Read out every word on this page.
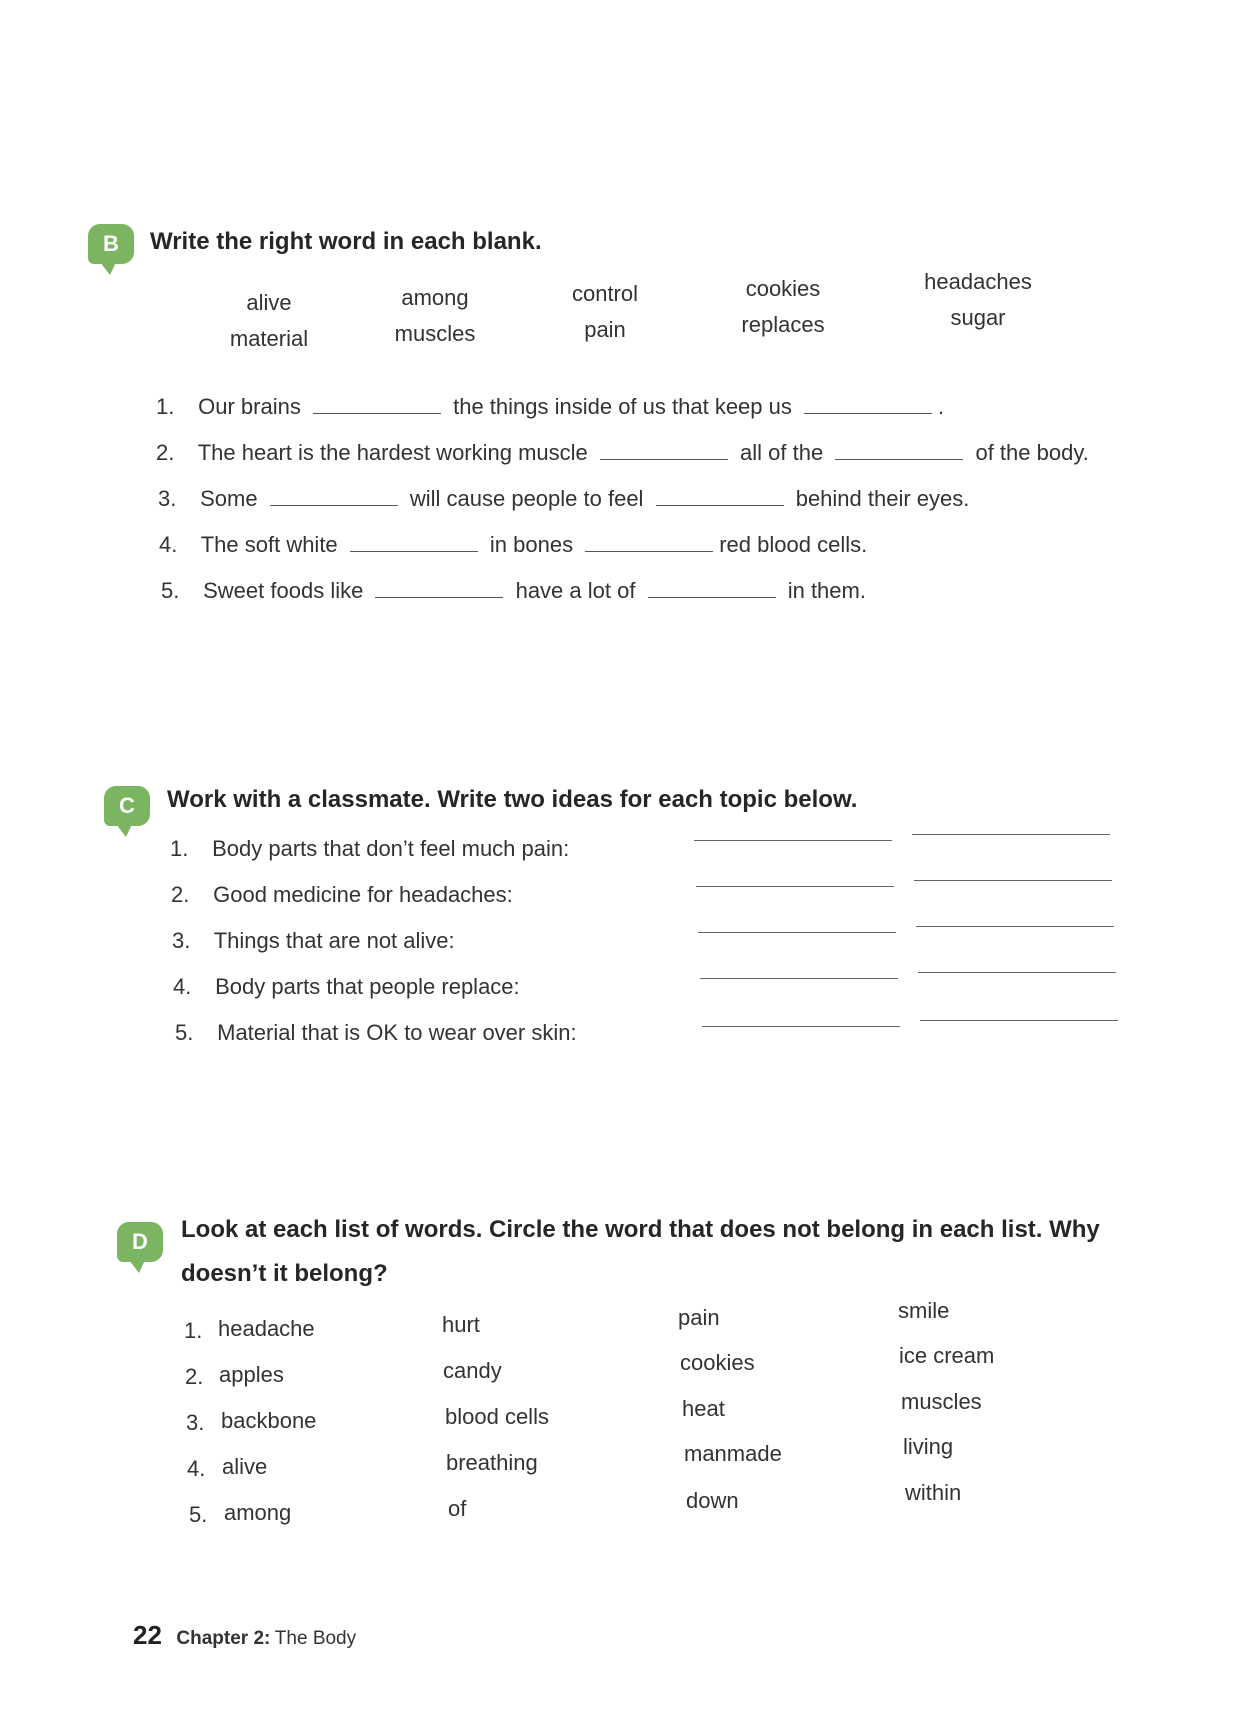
B	Write the right word in each blank.
alive
material
among
muscles
control
pain
cookies
replaces
headaches
sugar
1. Our brains	the things inside of us that keep us	.
2. The heart is the hardest working muscle	all of the	of the body.
3. Some	will cause people to feel	behind their eyes.
4. The soft white	in bones	red blood cells.
5. Sweet foods like	have a lot of	in them.
C	Work with a classmate. Write two ideas for each topic below.
1. Body parts that don’t feel much pain:
2. Good medicine for headaches:
3. Things that are not alive:
4. Body parts that people replace:
5. Material that is OK to wear over skin:
D	Look at each list of words. Circle the word that does not belong in each list. Why
doesn’t it belong?
1. headache	hurt	pain	smile
2. apples	candy	cookies	ice cream
3. backbone	blood cells	heat	muscles
4. alive	breathing	manmade	living
5. among	of	down	within
22 Chapter 2: The Body
